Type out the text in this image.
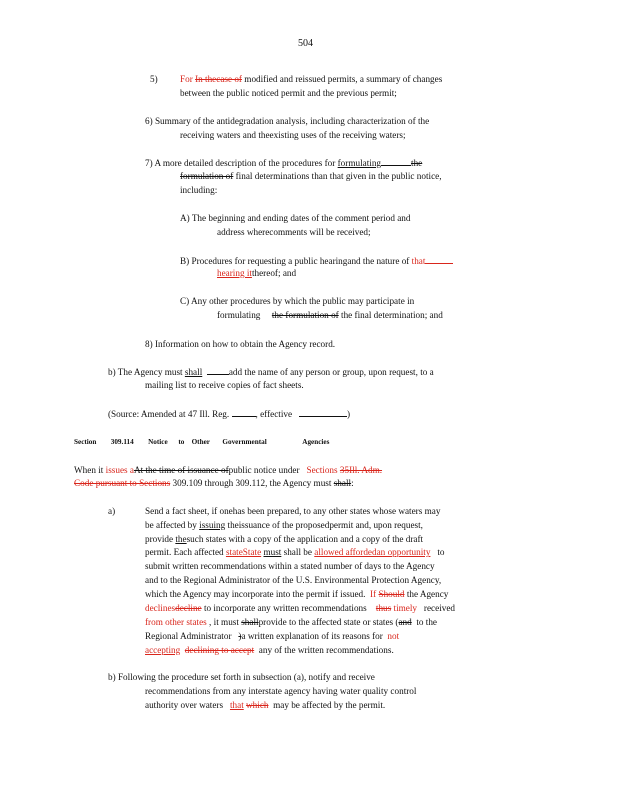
504
5) For In thecase of modified and reissued permits, a summary of changes
between the public noticed permit and the previous permit;
6) Summary of the antidegradation analysis, including characterization of the
receiving waters and theexisting uses of the receiving waters;
7) A more detailed description of the procedures for formulating	the
formulation of final determinations than that given in the public notice,
including:
A) The beginning and ending dates of the comment period and
address wherecomments will be received;
B) Procedures for requesting a public hearingand the nature of that
hearing itthereof; and
C) Any other procedures by which the public may participate in
formulating the formulation of the final determination; and
8) Information on how to obtain the Agency record.
b) The Agency must shall	add the name of any person or group, upon request, to a
mailing list to receive copies of fact sheets.
(Source: Amended at 47 Ill. Reg.	, effective	)
Section 309.114 Notice      to    Other       Governmental                    Agencies
When it issues aAt the time of issuance ofpublic notice under Sections 35Ill. Adm.
Code pursuant to Sections 309.109 through 309.112, the Agency must shall:
a)	Send a fact sheet, if onehas been prepared, to any other states whose waters may
be affected by issuing theissuance of the proposedpermit and, upon request,
provide thesuch states with a copy of the application and a copy of the draft
permit. Each affected stateState must shall be allowed affordedan opportunity to
submit written recommendations within a stated number of days to the Agency
and to the Regional Administrator of the U.S. Environmental Protection Agency,
which the Agency may incorporate into the permit if issued. If Should the Agency
declinesdecline to incorporate any written recommendations thus timely received
from other states , it must shallprovide to the affected state or states (and to the
Regional Administrator )a written explanation of its reasons for not
accepting declining to accept any of the written recommendations.
b) Following the procedure set forth in subsection (a), notify and receive
recommendations from any interstate agency having water quality control
authority over waters that which may be affected by the permit.
